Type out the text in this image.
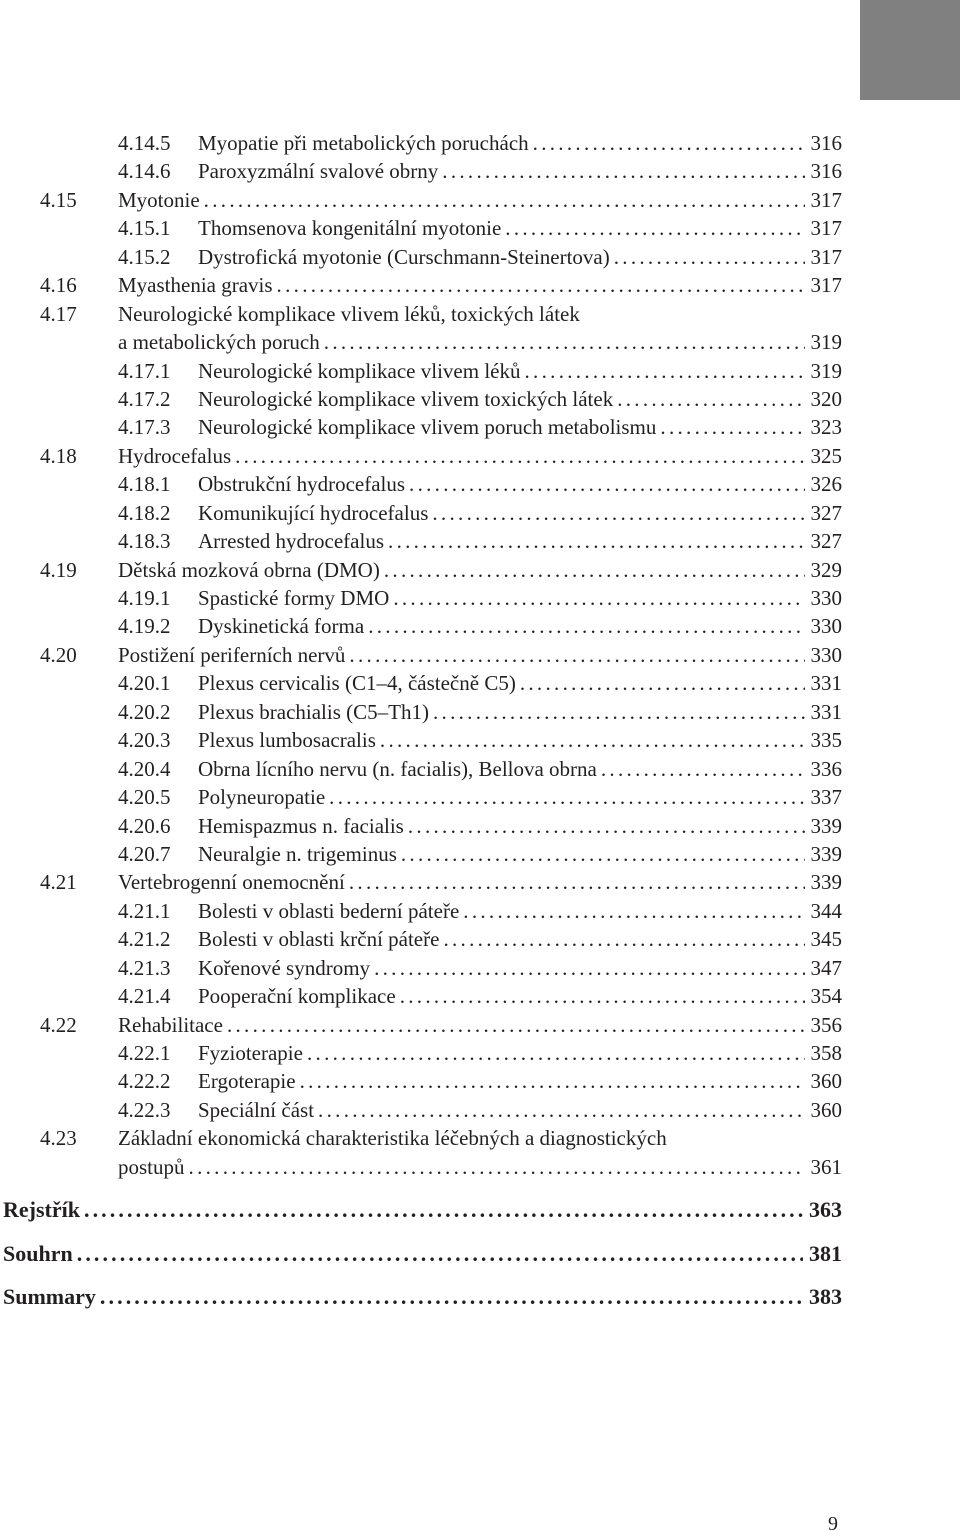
4.14.5 Myopatie při metabolických poruchách .....	316
4.14.6 Paroxyzmální svalové obrny .....	316
4.15 Myotonie .....	317
4.15.1 Thomsenova kongenitální myotonie .....	317
4.15.2 Dystrofická myotonie (Curschmann-Steinertova) .....	317
4.16 Myasthenia gravis .....	317
4.17 Neurologické komplikace vlivem léků, toxických látek
a metabolických poruch .....	319
4.17.1 Neurologické komplikace vlivem léků .....	319
4.17.2 Neurologické komplikace vlivem toxických látek .....	320
4.17.3 Neurologické komplikace vlivem poruch metabolismu .....	323
4.18 Hydrocefalus .....	325
4.18.1 Obstrukční hydrocefalus .....	326
4.18.2 Komunikující hydrocefalus .....	327
4.18.3 Arrested hydrocefalus .....	327
4.19 Dětská mozková obrna (DMO) .....	329
4.19.1 Spastické formy DMO .....	330
4.19.2 Dyskinetická forma .....	330
4.20 Postižení periferních nervů .....	330
4.20.1 Plexus cervicalis (C1–4, částečně C5) .....	331
4.20.2 Plexus brachialis (C5–Th1) .....	331
4.20.3 Plexus lumbosacralis .....	335
4.20.4 Obrna lícního nervu (n. facialis), Bellova obrna .....	336
4.20.5 Polyneuropatie .....	337
4.20.6 Hemispazmus n. facialis .....	339
4.20.7 Neuralgie n. trigeminus .....	339
4.21 Vertebrogenní onemocnění .....	339
4.21.1 Bolesti v oblasti bederní páteře .....	344
4.21.2 Bolesti v oblasti krční páteře .....	345
4.21.3 Kořenové syndromy .....	347
4.21.4 Pooperační komplikace .....	354
4.22 Rehabilitace .....	356
4.22.1 Fyzioterapie .....	358
4.22.2 Ergoterapie .....	360
4.22.3 Speciální část .....	360
4.23 Základní ekonomická charakteristika léčebných a diagnostických
postupů .....	361
Rejstřík .....	363
Souhrn .....	381
Summary .....	383
9
